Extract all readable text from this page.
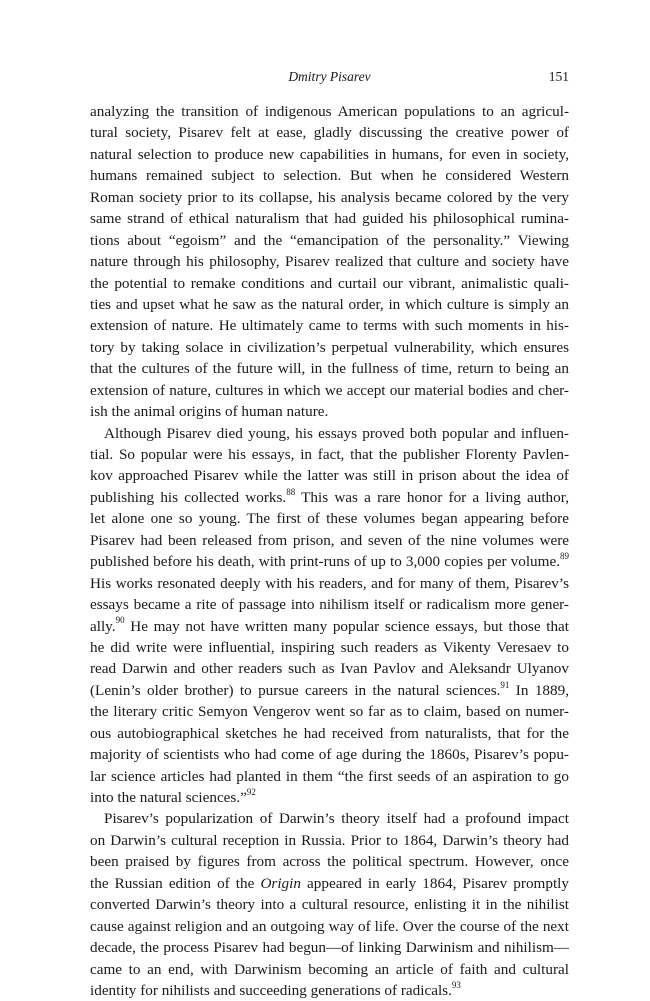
Dmitry Pisarev	151
analyzing the transition of indigenous American populations to an agricul-
tural society, Pisarev felt at ease, gladly discussing the creative power of
natural selection to produce new capabilities in humans, for even in society,
humans remained subject to selection. But when he considered Western
Roman society prior to its collapse, his analysis became colored by the very
same strand of ethical naturalism that had guided his philosophical rumina-
tions about “egoism” and the “emancipation of the personality.” Viewing
nature through his philosophy, Pisarev realized that culture and society have
the potential to remake conditions and curtail our vibrant, animalistic quali-
ties and upset what he saw as the natural order, in which culture is simply an
extension of nature. He ultimately came to terms with such moments in his-
tory by taking solace in civilization’s perpetual vulnerability, which ensures
that the cultures of the future will, in the fullness of time, return to being an
extension of nature, cultures in which we accept our material bodies and cher-
ish the animal origins of human nature.
Although Pisarev died young, his essays proved both popular and influen-
tial. So popular were his essays, in fact, that the publisher Florenty Pavlen-
kov approached Pisarev while the latter was still in prison about the idea of
publishing his collected works.$^{88}$ This was a rare honor for a living author,
let alone one so young. The first of these volumes began appearing before
Pisarev had been released from prison, and seven of the nine volumes were
published before his death, with print-runs of up to 3,000 copies per volume.$^{89}$
His works resonated deeply with his readers, and for many of them, Pisarev’s
essays became a rite of passage into nihilism itself or radicalism more gener-
ally.$^{90}$ He may not have written many popular science essays, but those that
he did write were influential, inspiring such readers as Vikenty Veresaev to
read Darwin and other readers such as Ivan Pavlov and Aleksandr Ulyanov
(Lenin’s older brother) to pursue careers in the natural sciences.$^{91}$ In 1889,
the literary critic Semyon Vengerov went so far as to claim, based on numer-
ous autobiographical sketches he had received from naturalists, that for the
majority of scientists who had come of age during the 1860s, Pisarev’s popu-
lar science articles had planted in them “the first seeds of an aspiration to go
into the natural sciences.”$^{92}$
Pisarev’s popularization of Darwin’s theory itself had a profound impact
on Darwin’s cultural reception in Russia. Prior to 1864, Darwin’s theory had
been praised by figures from across the political spectrum. However, once
the Russian edition of the Origin appeared in early 1864, Pisarev promptly
converted Darwin’s theory into a cultural resource, enlisting it in the nihilist
cause against religion and an outgoing way of life. Over the course of the next
decade, the process Pisarev had begun—of linking Darwinism and nihilism—
came to an end, with Darwinism becoming an article of faith and cultural
identity for nihilists and succeeding generations of radicals.$^{93}$
